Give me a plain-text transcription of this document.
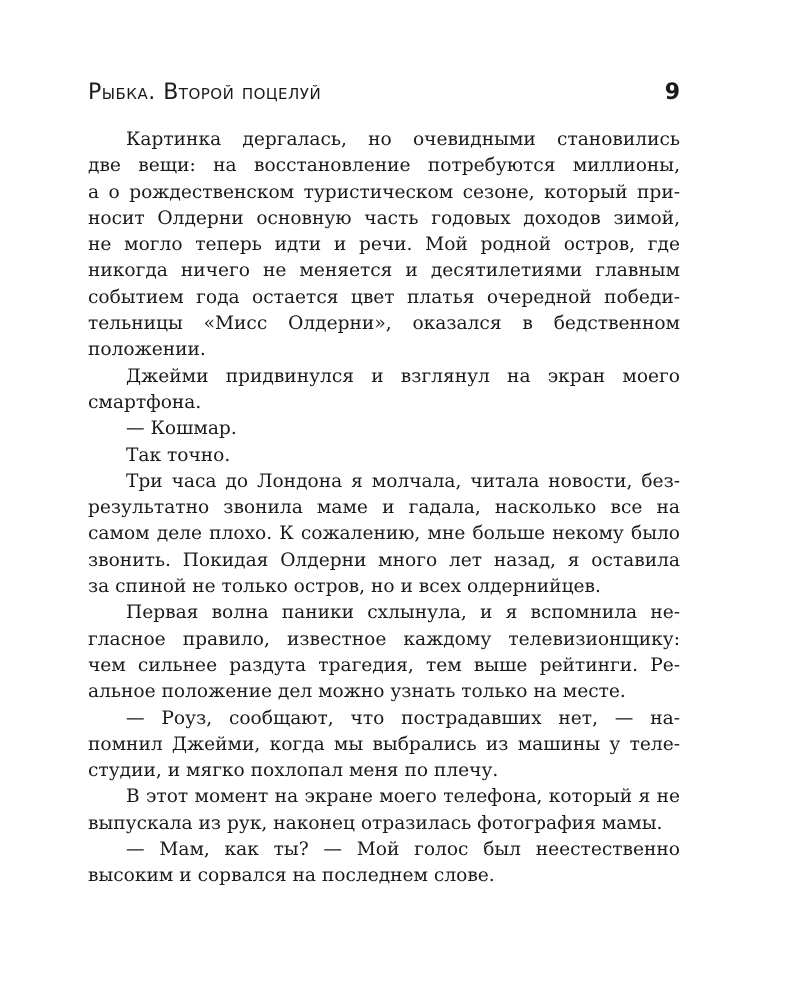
Рыбка. Второй поцелуй	9
Картинка дергалась, но очевидными становились
две вещи: на восстановление потребуются миллионы,
а о рождественском туристическом сезоне, который при-
носит Олдерни основную часть годовых доходов зимой,
не могло теперь идти и речи. Мой родной остров, где
никогда ничего не меняется и десятилетиями главным
событием года остается цвет платья очередной победи-
тельницы «Мисс Олдерни», оказался в бедственном
положении.
Джейми придвинулся и взглянул на экран моего
смартфона.
— Кошмар.
Так точно.
Три часа до Лондона я молчала, читала новости, без-
результатно звонила маме и гадала, насколько все на
самом деле плохо. К сожалению, мне больше некому было
звонить. Покидая Олдерни много лет назад, я оставила
за спиной не только остров, но и всех олдернийцев.
Первая волна паники схлынула, и я вспомнила не-
гласное правило, известное каждому телевизионщику:
чем сильнее раздута трагедия, тем выше рейтинги. Ре-
альное положение дел можно узнать только на месте.
— Роуз, сообщают, что пострадавших нет, — на-
помнил Джейми, когда мы выбрались из машины у теле-
студии, и мягко похлопал меня по плечу.
В этот момент на экране моего телефона, который я не
выпускала из рук, наконец отразилась фотография мамы.
— Мам, как ты? — Мой голос был неестественно
высоким и сорвался на последнем слове.
